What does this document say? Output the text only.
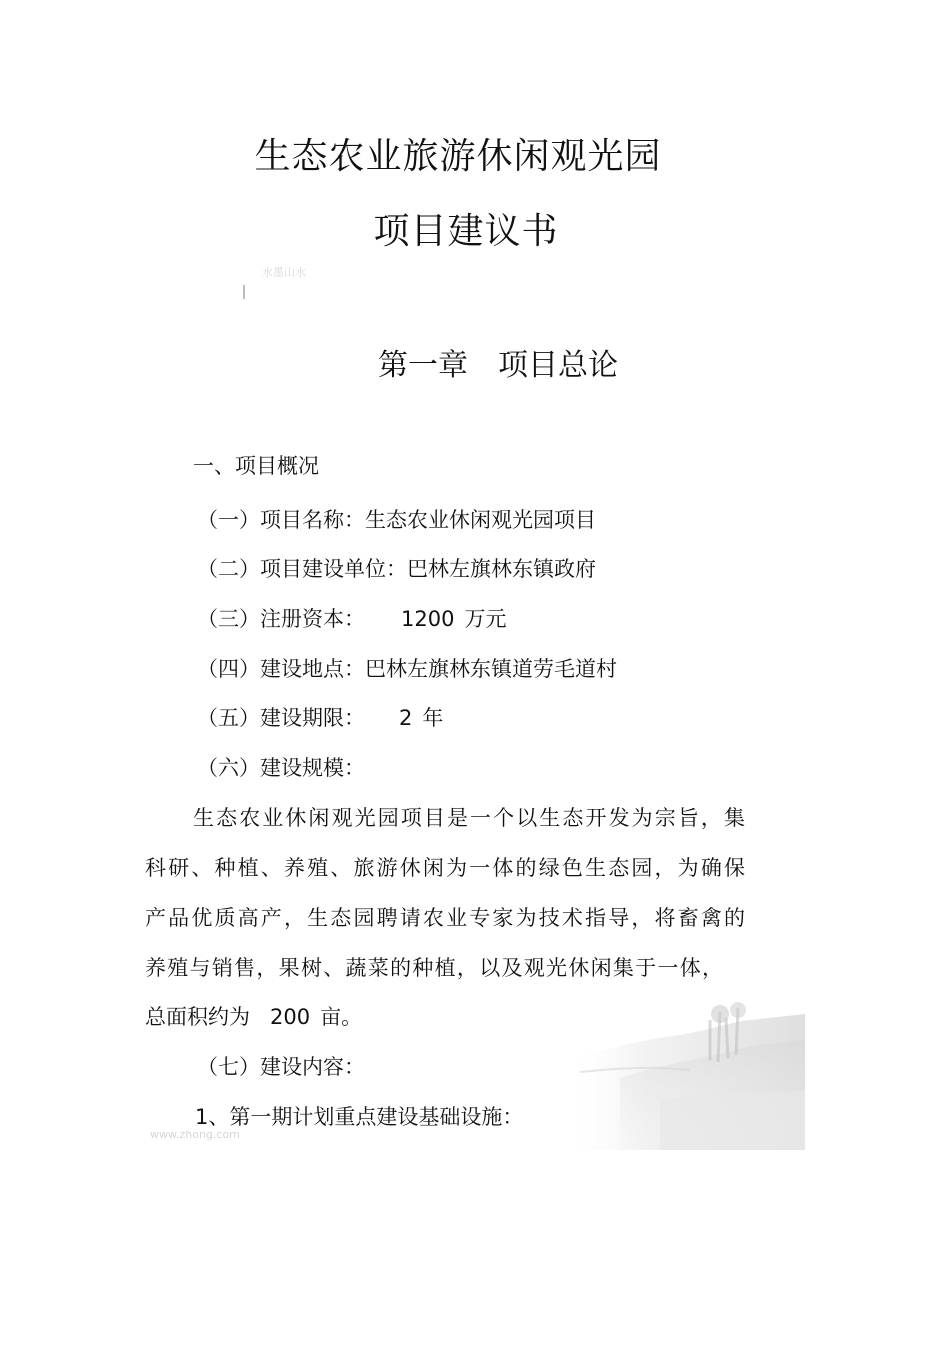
水墨山水
生态农业旅游休闲观光园
项目建议书
第一章 项目总论
一、项目概况
（一）项目名称：生态农业休闲观光园项目
（二）项目建设单位：巴林左旗林东镇政府
（三）注册资本： 1200 万元
（四）建设地点：巴林左旗林东镇道劳毛道村
（五）建设期限： 2 年
（六）建设规模：
生态农业休闲观光园项目是一个以生态开发为宗旨，集
科研、种植、养殖、旅游休闲为一体的绿色生态园，为确保
产品优质高产，生态园聘请农业专家为技术指导，将畜禽的
养殖与销售，果树、蔬菜的种植，以及观光休闲集于一体，
总面积约为 200 亩。
（七）建设内容：
1、第一期计划重点建设基础设施：
www.zhong.com
